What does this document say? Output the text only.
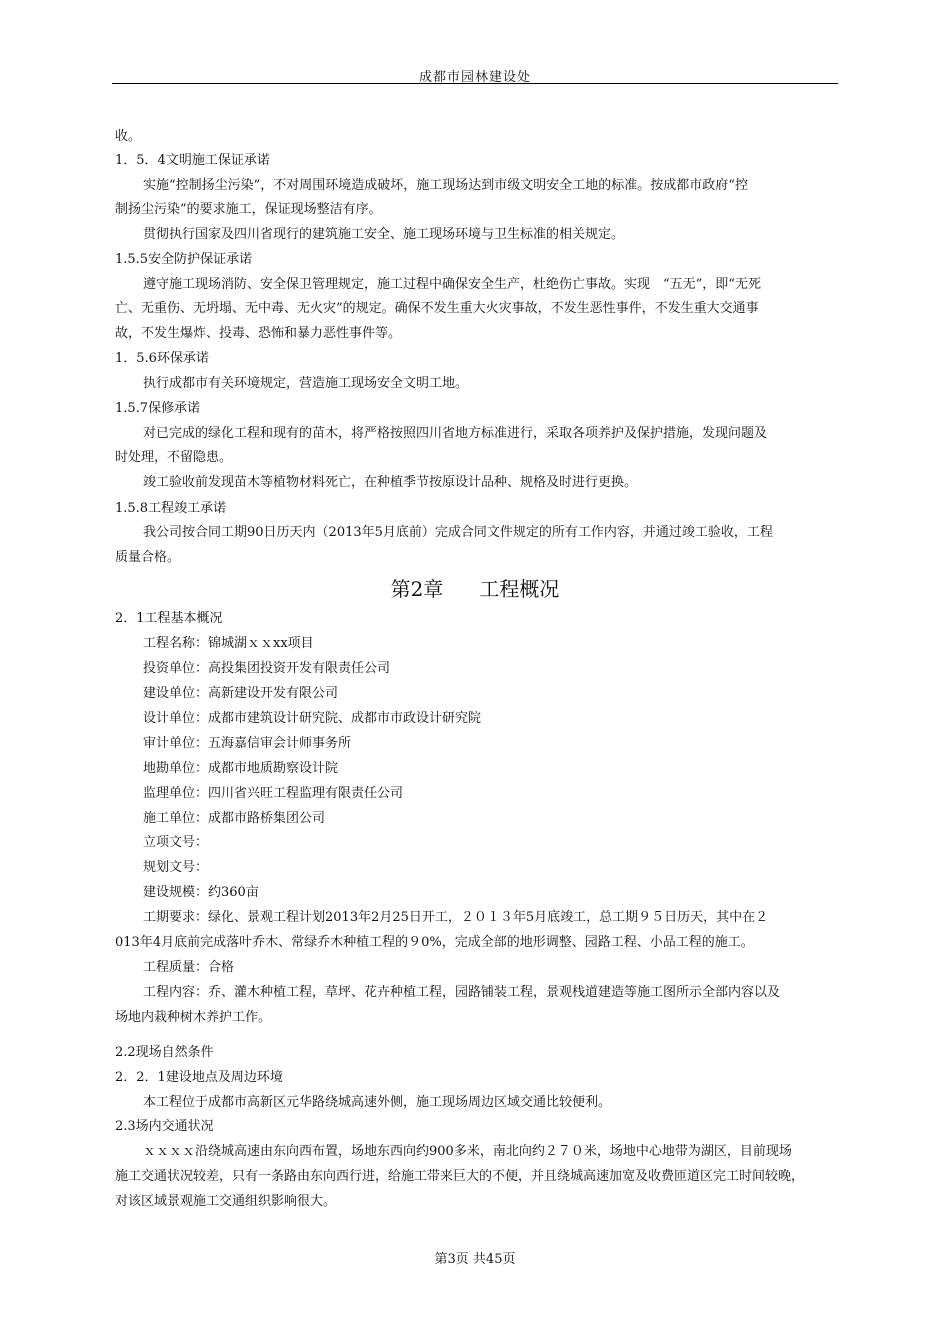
成都市园林建设处
收。
1．5．4文明施工保证承诺
实施“控制扬尘污染”，不对周围环境造成破坏，施工现场达到市级文明安全工地的标准。按成都市政府“控
制扬尘污染”的要求施工，保证现场整洁有序。
贯彻执行国家及四川省现行的建筑施工安全、施工现场环境与卫生标准的相关规定。
1.5.5安全防护保证承诺
遵守施工现场消防、安全保卫管理规定，施工过程中确保安全生产，杜绝伤亡事故。实现　“五无”，即“无死
亡、无重伤、无坍塌、无中毒、无火灾”的规定。确保不发生重大火灾事故，不发生恶性事件，不发生重大交通事
故，不发生爆炸、投毒、恐怖和暴力恶性事件等。
1．5.6环保承诺
执行成都市有关环境规定，营造施工现场安全文明工地。
1.5.7保修承诺
对已完成的绿化工程和现有的苗木，将严格按照四川省地方标准进行，采取各项养护及保护措施，发现问题及
时处理，不留隐患。
竣工验收前发现苗木等植物材料死亡，在种植季节按原设计品种、规格及时进行更换。
1.5.8工程竣工承诺
我公司按合同工期90日历天内（2013年5月底前）完成合同文件规定的所有工作内容，并通过竣工验收，工程
质量合格。
第2章 工程概况
2．1工程基本概况
工程名称：锦城湖ｘｘxx项目
投资单位：高投集团投资开发有限责任公司
建设单位：高新建设开发有限公司
设计单位：成都市建筑设计研究院、成都市市政设计研究院
审计单位：五海嘉信审会计师事务所
地勘单位：成都市地质勘察设计院
监理单位：四川省兴旺工程监理有限责任公司
施工单位：成都市路桥集团公司
立项文号：
规划文号：
建设规模：约360亩
工期要求：绿化、景观工程计划2013年2月25日开工，２０１３年5月底竣工，总工期９５日历天，其中在２
013年4月底前完成落叶乔木、常绿乔木种植工程的９0%，完成全部的地形调整、园路工程、小品工程的施工。
工程质量：合格
工程内容：乔、灌木种植工程，草坪、花卉种植工程，园路铺装工程，景观栈道建造等施工图所示全部内容以及
场地内栽种树木养护工作。
2.2现场自然条件
2．2．1建设地点及周边环境
本工程位于成都市高新区元华路绕城高速外侧，施工现场周边区域交通比较便利。
2.3场内交通状况
ｘｘｘｘ沿绕城高速由东向西布置，场地东西向约900多米，南北向约２７０米，场地中心地带为湖区，目前现场
施工交通状况较差，只有一条路由东向西行进，给施工带来巨大的不便，并且绕城高速加宽及收费匝道区完工时间较晚，
对该区域景观施工交通组织影响很大。
第3页 共45页
